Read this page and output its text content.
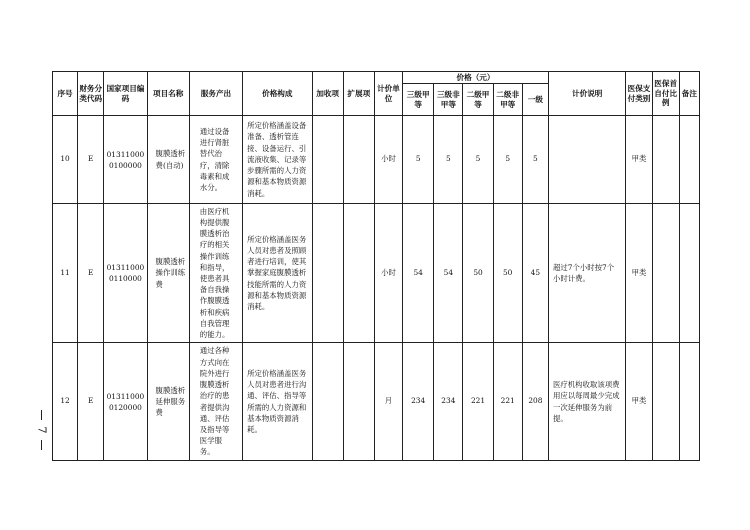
7
序号	财务分类代码	国家项目编码	项目名称	服务产出	价格构成	加收项	扩展项	计价单位	价格（元）					计价说明	医保支付类别	医保首自付比例	备注
									三级甲等	三级非甲等	二级甲等	二级非甲等	一级				
10	E	01311000 0100000	腹膜透析费(自动)	通过设备进行肾脏替代治疗，清除毒素和成水分。	所定价格涵盖设备准备、透析管连接、设备运行、引流液收集、记录等步骤所需的人力资源和基本物质资源消耗。			小时	5	5	5	5	5		甲类		
11	E	01311000 0110000	腹膜透析操作训练费	由医疗机构提供腹膜透析治疗的相关操作训练和指导，使患者具备自我操作腹膜透析和疾病自我管理的能力。	所定价格涵盖医务人员对患者及照顾者进行培训，使其掌握家庭腹膜透析技能所需的人力资源和基本物质资源消耗。			小时	54	54	50	50	45	超过7个小时按7个小时计费。	甲类		
12	E	01311000 0120000	腹膜透析延伸服务费	通过各种方式向在院外进行腹膜透析治疗的患者提供沟通、评估及指导等医学服务。	所定价格涵盖医务人员对患者进行沟通、评估、指导等所需的人力资源和基本物质资源消耗。			月	234	234	221	221	208	医疗机构收取该项费用应以每周最少完成一次延伸服务为前提。	甲类		
